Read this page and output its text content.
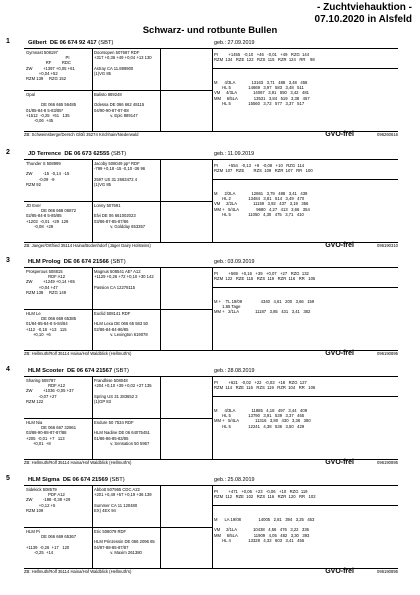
- Zuchtviehauktion -
07.10.2020 in Alsfeld
Schwarz- und rotbunte Bullen
1	Gilbert DE 06 674 92 417 (SBT)	geb.: 27.09.2019
Gymnast 508197
PI
RF         RDC
ZW         +1397 +0,05 +61
+0,04 +52
RZM 139     RZG 152
Opal

DE 066 665 56485
01/85-84-8 5-83/85*
+1512  -0,25  +51   135
-0,06  +45
Doorsopen 507687 RDF
+317 +0,36 +49 +0,04 +13 130

Astray CA 11.889900
(1)VG 85
Balisto 889248

Odessa DE 066 662 48115
04/90-90-87-87-88
v. Epic 889147
PI         +1455   -0,10   +46   -0,01   +49   RZG  144
RZM  134   RZE  122   RZS  115   RZR  124   RR    98
M      4/3LA              13163   3,71   488   3,48   458
HL 5               14669   3,97   583   3,48   511
VM     4/3LA              14067   3,91   550   3,42   481
MM     6/5LA              13531   3,84   519   3,38   457
HL 5               15560   3,72   577   3,37   517
ZB: Schweinsberge/Dersch Glöß 35274 Kirchhain/Niederwald	GVO-frei	096260616
2	JD Terrence DE 06 673 62555 (SBT)	geb.: 11.09.2019
Thunder S 508999

ZW         -15  -0,14  -15
-0,09  -9
RZM 92
JD Ever
DE 066 668 06872
02/85-84-8 5-85/85
+1203  -0,01  +29  129
-0,08  +29
Jacoby 508049 pp* RDF
-799 +0,18 -15 -0,10 -36 96

2597 US 31 2663472 4
(1)VG 85
Lonny 507691

Elvi DE 06 661002023
03/86-87-85-87/86
v. Goldday 653357
PI         +554   -0,13   +9   -0,08   +10   RZG  114
RZM  107   RZE        RZS  109   RZR  107   RR   100
M      2/2LA              12861   3,79   488   3,41   439
HL 2               13484   3,81   514   3,49   470
VM     2/2LA              11159   3,92   437   3,19   356
MM +   5/4LA               9680   4,27   413   3,66   354
HL 5               11050   4,30   475   3,71   410
ZB: Jaeger/Ortfried 35114 Haina/Bodenhdorf (Jäger Dairy Holsteins)	GVO-frei	096190310
3	HLM Prolog DE 06 674 21566 (SBT)	geb.: 03.09.2019
Prosperous 508815
RDF A12
ZW         +1249 +0,14 +65
+0,04 +47
RZM 138     RZG 149
HLM Le
DE 066 669 65385
01/84-85-84-8 5-84/84
+112  -0,18  +13   115
+0,10  +6
Magnus 508541 AE* A12
+1129 +0,26 +72 +0,10 +30 142

Passion CA 12278115
Euclid 508141 RDF

HLM Lexa DE 066 65 583 50
02/86-84-84-86/85
v. Lexington 619078
PI         +569   +0,16   +39   +0,07   +27   RZG  132
RZM  122   RZE  115   RZS  119   RZR  116   RR   105
M +    TL 19/09                4340   4,61   200   3,66   159
1.85 Tage
MM +   2/1LA              11187   3,85   431   3,41   382
ZB: Hellmuth/Rolf 35114 Haina/Hof Waldblick (Hellmuth's)	GVO-frei	096190895
4	HLM Scooter DE 06 674 21567 (SBT)	geb.: 28.08.2019
Sharing 508797
RDF A12
ZW         +1036 -0,05 +37
-0,07 +27
RZM 122
HLM Nia
DE 066 667 32861
03/88-90-88-87-87/88
+205  -0,01  +7   113
+0,01  +8
Frandhise 508048
+204 +0,10 +39 +0,02 +27 135

Spring US 31 283652 2
(1)GP 83
Endure 50 7534 RDF

HLM Nadine DE 06 64075451
01/86-86-85-83/85
v. Sensation 50 5967
PI         +621   -0,02   +22   -0,03   +18   RZG  127
RZM  114   RZE  116   RZS  119   RZR  104   RR   106
M      4/3LA              11885   4,18   497   3,44   409
HL 5               13790   3,91   539   3,37   465
MM +   5/4LA              11316   3,80   430   3,36   380
HL 5               12241   4,38   536   3,50   429
ZB: Hellmuth/Rolf 35114 Haina/Hof Waldblick (Hellmuth's)	GVO-frei	096190895
5	HLM Sigma DE 06 674 21569 (SBT)	geb.: 25.08.2019
Sidekick 508579
PDF A12
ZW         -198 -0,38 +29
+0,12 +5
RZM 109
HLM Pi
DE 066 669 65367

+1139  -0,26  +17   120
-0,25  +14
Abbott 507965 CDC A22
+201 +0,49 +57 +0,19 +36 139

Summer CA 11 120480
EX) 4EX 94
Eric 508079 RDF

HLM Prinzessin DE 066 2096 65
04/87-88-85-87/87
v. Maxim 261380
PI         +471   +0,06   +23   -0,06   +10   RZG  119
RZM  112   RZE  102   RZS  116   RZR  120   RR   102
M      LA 19/08               14005   2,81   394   3,25   453

VM     2/1LA              10438   4,56   476   3,22   336
MM     6/5LA              11909   4,05   482   3,30   393
HL 4               13328   4,32   603   3,41   455
ZB: Hellmuth/Rolf 35114 Haina/Hof Waldblick (Hellmuth's)	GVO-frei	096190895
